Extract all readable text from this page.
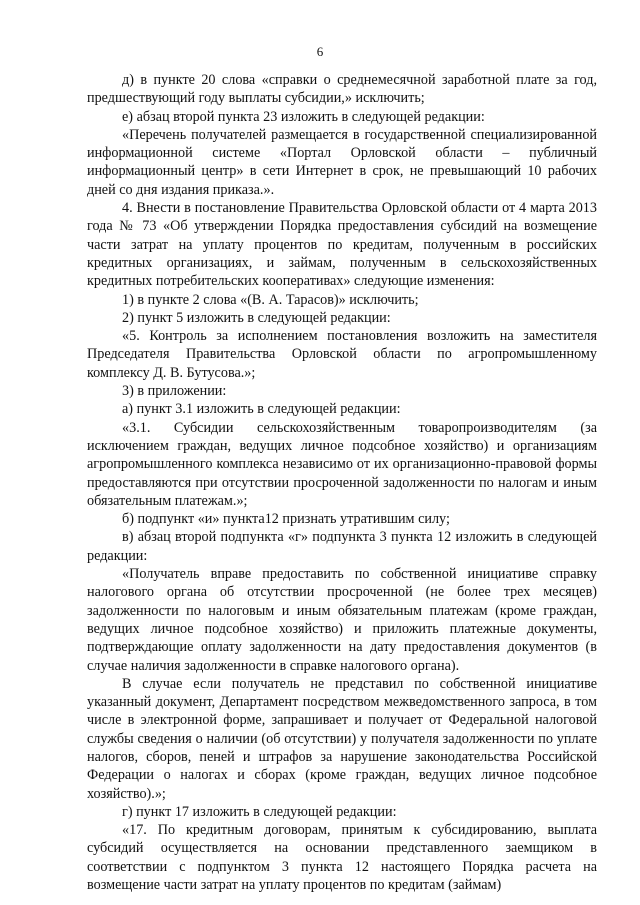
6

д) в пункте 20 слова «справки о среднемесячной заработной плате за год, предшествующий году выплаты субсидии,» исключить;

е) абзац второй пункта 23 изложить в следующей редакции:

«Перечень получателей размещается в государственной специализированной информационной системе «Портал Орловской области – публичный информационный центр» в сети Интернет в срок, не превышающий 10 рабочих дней со дня издания приказа.».

4. Внести в постановление Правительства Орловской области от 4 марта 2013 года № 73 «Об утверждении Порядка предоставления субсидий на возмещение части затрат на уплату процентов по кредитам, полученным в российских кредитных организациях, и займам, полученным в сельскохозяйственных кредитных потребительских кооперативах» следующие изменения:

1) в пункте 2 слова «(В. А. Тарасов)» исключить;

2) пункт 5 изложить в следующей редакции:

«5. Контроль за исполнением постановления возложить на заместителя Председателя Правительства Орловской области по агропромышленному комплексу Д. В. Бутусова.»;

3) в приложении:

а) пункт 3.1 изложить в следующей редакции:

«3.1. Субсидии сельскохозяйственным товаропроизводителям (за исключением граждан, ведущих личное подсобное хозяйство) и организациям агропромышленного комплекса независимо от их организационно-правовой формы предоставляются при отсутствии просроченной задолженности по налогам и иным обязательным платежам.»;

б) подпункт «и» пункта12 признать утратившим силу;

в) абзац второй подпункта «г» подпункта 3 пункта 12 изложить в следующей редакции:

«Получатель вправе предоставить по собственной инициативе справку налогового органа об отсутствии просроченной (не более трех месяцев) задолженности по налоговым и иным обязательным платежам (кроме граждан, ведущих личное подсобное хозяйство) и приложить платежные документы, подтверждающие оплату задолженности на дату предоставления документов (в случае наличия задолженности в справке налогового органа).

В случае если получатель не представил по собственной инициативе указанный документ, Департамент посредством межведомственного запроса, в том числе в электронной форме, запрашивает и получает от Федеральной налоговой службы сведения о наличии (об отсутствии) у получателя задолженности по уплате налогов, сборов, пеней и штрафов за нарушение законодательства Российской Федерации о налогах и сборах (кроме граждан, ведущих личное подсобное хозяйство).»;

г) пункт 17 изложить в следующей редакции:

«17. По кредитным договорам, принятым к субсидированию, выплата субсидий осуществляется на основании представленного заемщиком в соответствии с подпунктом 3 пункта 12 настоящего Порядка расчета на возмещение части затрат на уплату процентов по кредитам (займам)
